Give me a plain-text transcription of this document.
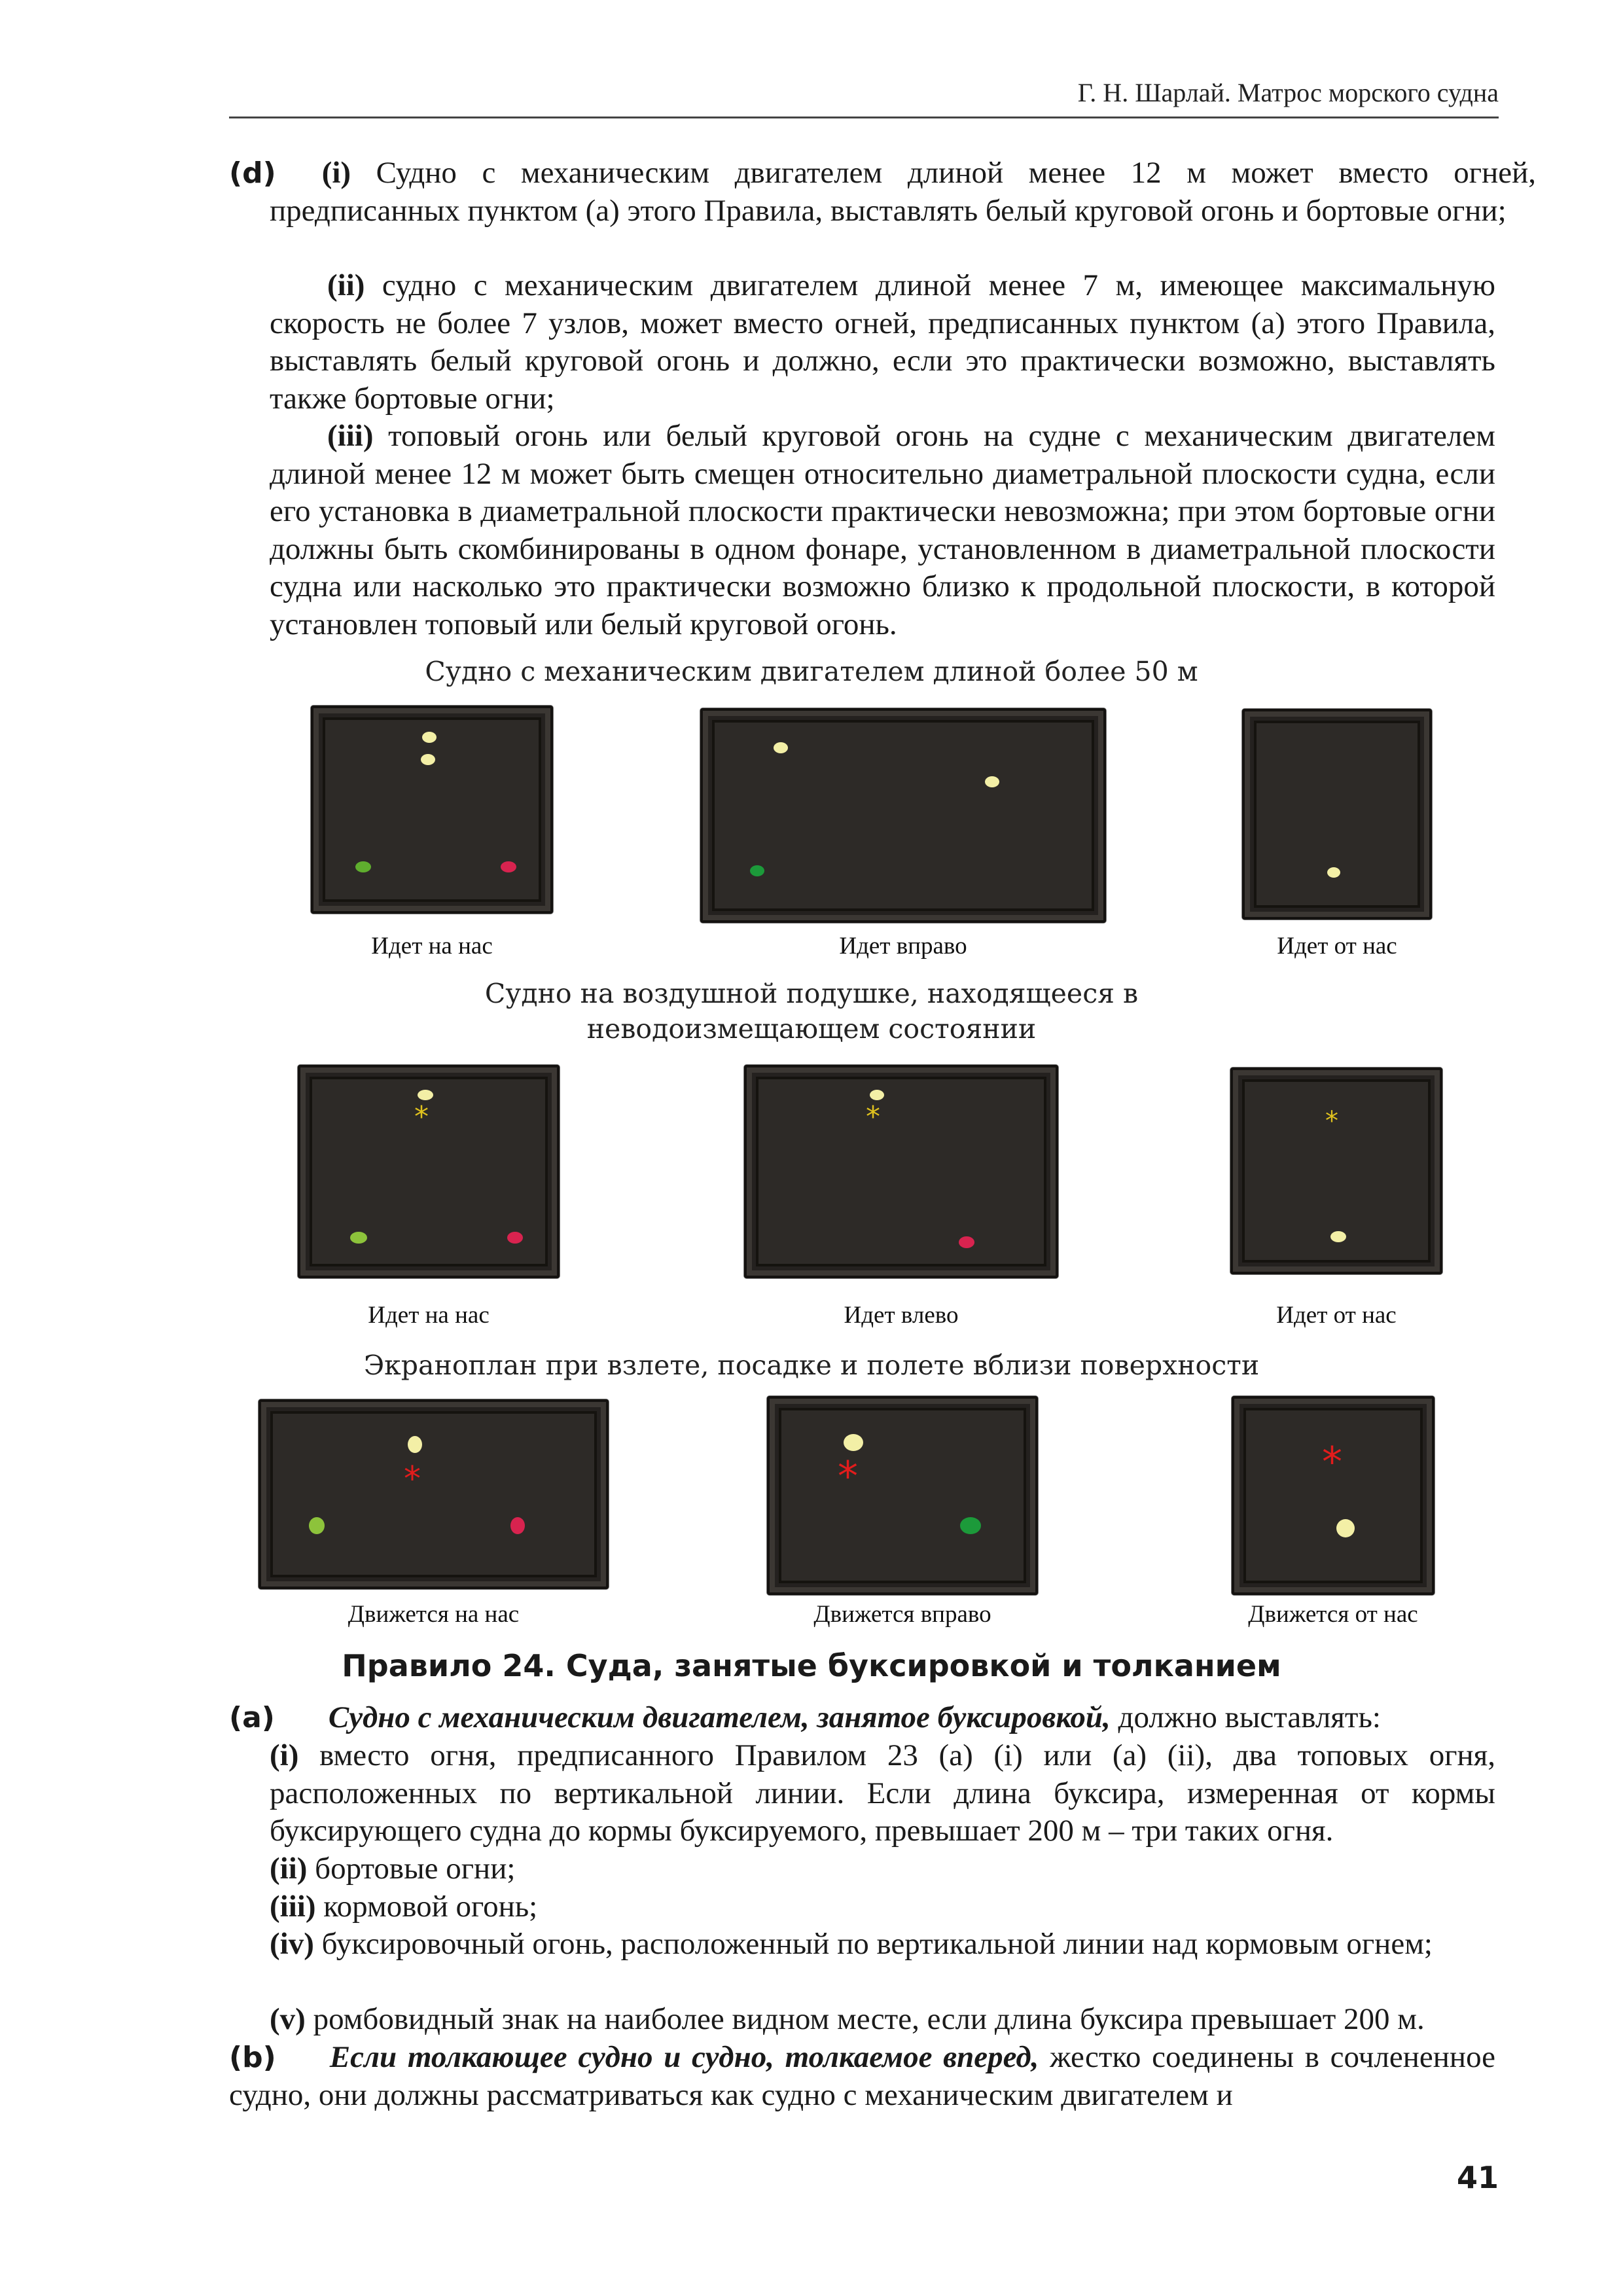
Г. Н. Шарлай. Матрос морского судна
(d) (i) Судно с механическим двигателем длиной менее 12 м может вместо огней, предписанных пунктом (a) этого Правила, выставлять белый круговой огонь и бортовые огни;
(ii) судно с механическим двигателем длиной менее 7 м, имеющее максимальную скорость не более 7 узлов, может вместо огней, предписанных пунктом (a) этого Правила, выставлять белый круговой огонь и должно, если это практически возможно, выставлять также бортовые огни;
(iii) топовый огонь или белый круговой огонь на судне с механическим двигателем длиной менее 12 м может быть смещен относительно диаметральной плоскости судна, если его установка в диаметральной плоскости практически невозможна; при этом бортовые огни должны быть скомбинированы в одном фонаре, установленном в диаметральной плоскости судна или насколько это практически возможно близко к продольной плоскости, в которой установлен топовый или белый круговой огонь.
Судно с механическим двигателем длиной более 50 м
Идет на нас	Идет вправо	Идет от нас
Судно на воздушной подушке, находящееся в
неводоизмещающем состоянии
*
Идет на нас
*
Идет влево
*
Идет от нас
Экраноплан при взлете, посадке и полете вблизи поверхности
*
Движется на нас
*
Движется вправо
*
Движется от нас
Правило 24. Суда, занятые буксировкой и толканием
(a) Судно с механическим двигателем, занятое буксировкой, должно выставлять:
(i) вместо огня, предписанного Правилом 23 (a) (i) или (a) (ii), два топовых огня, расположенных по вертикальной линии. Если длина буксира, измеренная от кормы буксирующего судна до кормы буксируемого, превышает 200 м – три таких огня.
(ii) бортовые огни;
(iii) кормовой огонь;
(iv) буксировочный огонь, расположенный по вертикальной линии над кормовым огнем;
(v) ромбовидный знак на наиболее видном месте, если длина буксира превышает 200 м.
(b) Если толкающее судно и судно, толкаемое вперед, жестко соединены в сочлененное судно, они должны рассматриваться как судно с механическим двигателем и
41
